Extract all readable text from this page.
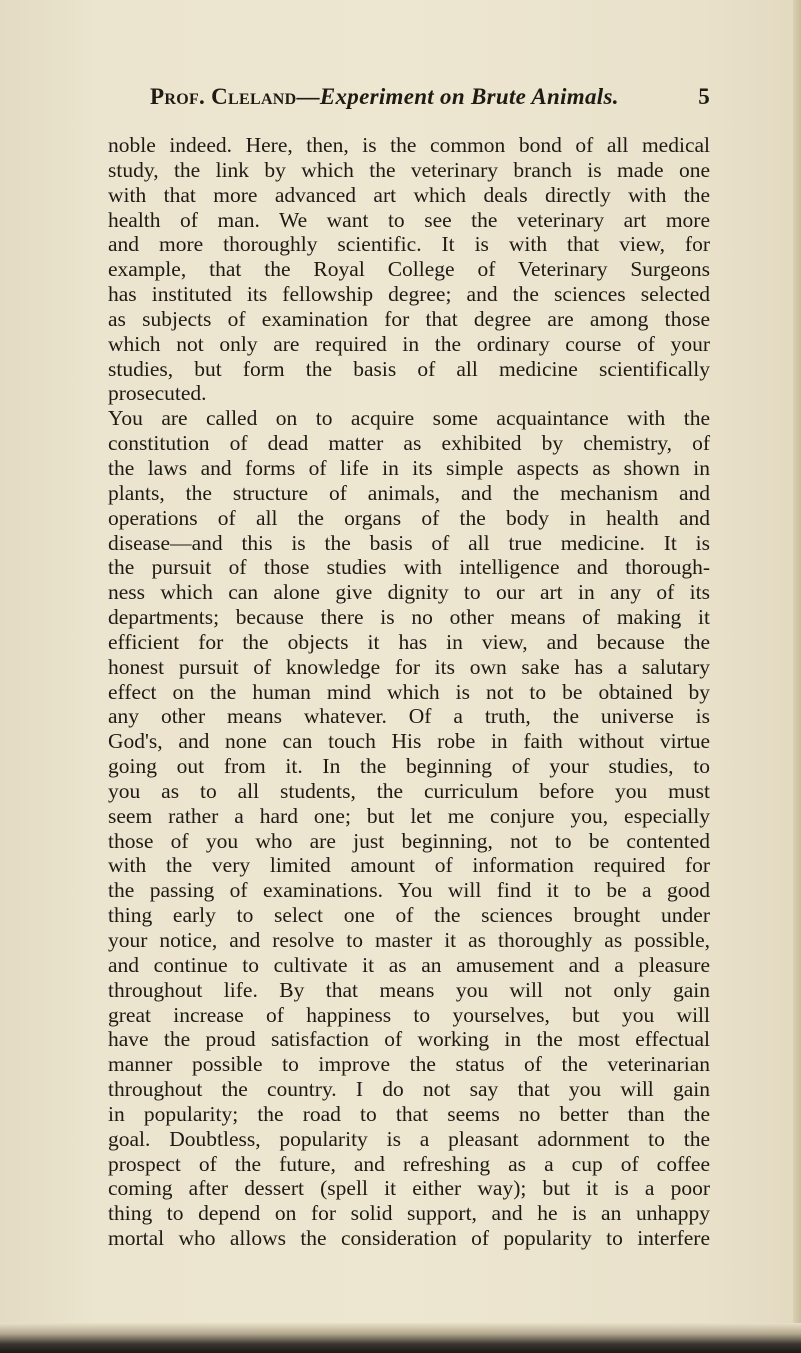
Prof. Cleland—Experiment on Brute Animals.	5
noble indeed. Here, then, is the common bond of all medical
study, the link by which the veterinary branch is made one
with that more advanced art which deals directly with the
health of man. We want to see the veterinary art more
and more thoroughly scientific. It is with that view, for
example, that the Royal College of Veterinary Surgeons
has instituted its fellowship degree; and the sciences selected
as subjects of examination for that degree are among those
which not only are required in the ordinary course of your
studies, but form the basis of all medicine scientifically
prosecuted.
You are called on to acquire some acquaintance with the
constitution of dead matter as exhibited by chemistry, of
the laws and forms of life in its simple aspects as shown in
plants, the structure of animals, and the mechanism and
operations of all the organs of the body in health and
disease—and this is the basis of all true medicine. It is
the pursuit of those studies with intelligence and thorough-
ness which can alone give dignity to our art in any of its
departments; because there is no other means of making it
efficient for the objects it has in view, and because the
honest pursuit of knowledge for its own sake has a salutary
effect on the human mind which is not to be obtained by
any other means whatever. Of a truth, the universe is
God's, and none can touch His robe in faith without virtue
going out from it. In the beginning of your studies, to
you as to all students, the curriculum before you must
seem rather a hard one; but let me conjure you, especially
those of you who are just beginning, not to be contented
with the very limited amount of information required for
the passing of examinations. You will find it to be a good
thing early to select one of the sciences brought under
your notice, and resolve to master it as thoroughly as possible,
and continue to cultivate it as an amusement and a pleasure
throughout life. By that means you will not only gain
great increase of happiness to yourselves, but you will
have the proud satisfaction of working in the most effectual
manner possible to improve the status of the veterinarian
throughout the country. I do not say that you will gain
in popularity; the road to that seems no better than the
goal. Doubtless, popularity is a pleasant adornment to the
prospect of the future, and refreshing as a cup of coffee
coming after dessert (spell it either way); but it is a poor
thing to depend on for solid support, and he is an unhappy
mortal who allows the consideration of popularity to interfere
